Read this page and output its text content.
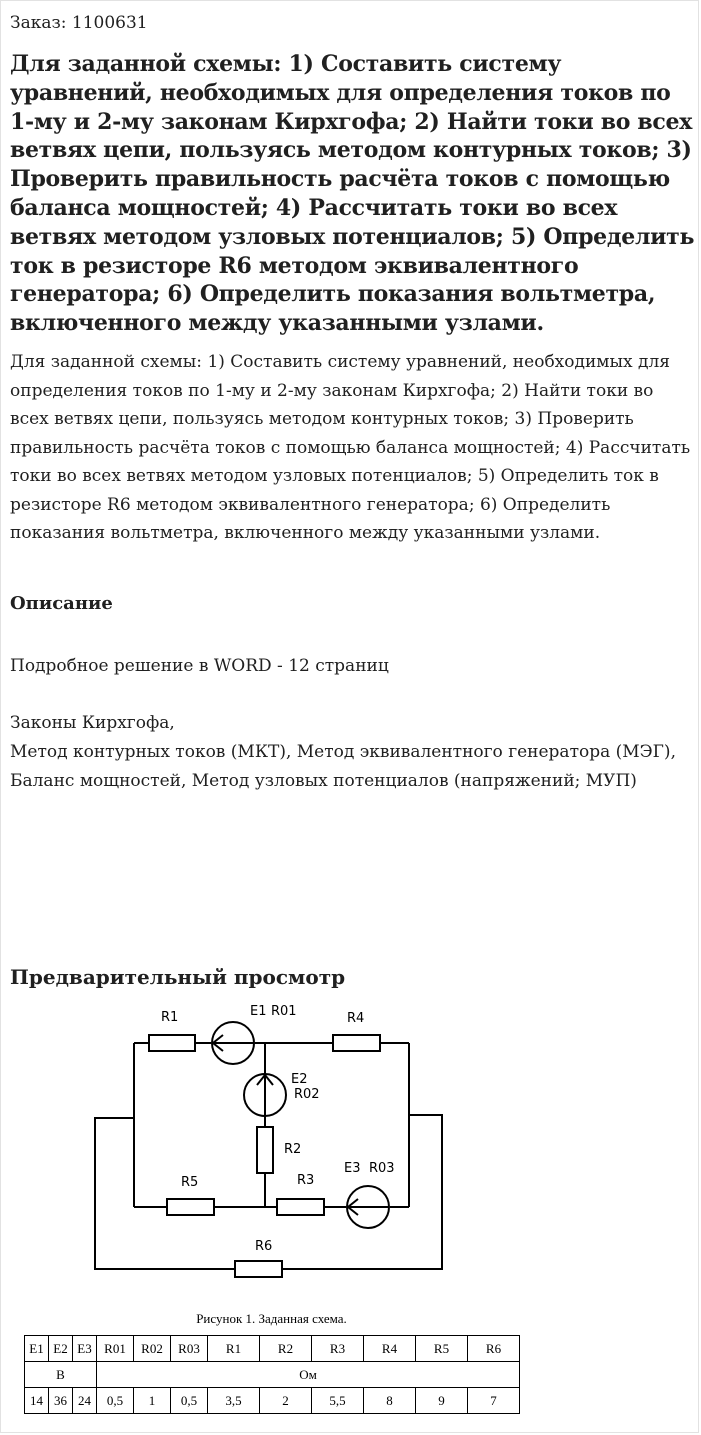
Заказ: 1100631
Для заданной схемы: 1) Составить систему уравнений, необходимых для определения токов по 1-му и 2-му законам Кирхгофа; 2) Найти токи во всех ветвях цепи, пользуясь методом контурных токов; 3) Проверить правильность расчёта токов с помощью баланса мощностей; 4) Рассчитать токи во всех ветвях методом узловых потенциалов; 5) Определить ток в резисторе R6 методом эквивалентного генератора; 6) Определить показания вольтметра, включенного между указанными узлами.

Для заданной схемы: 1) Составить систему уравнений, необходимых для определения токов по 1-му и 2-му законам Кирхгофа; 2) Найти токи во всех ветвях цепи, пользуясь методом контурных токов; 3) Проверить правильность расчёта токов с помощью баланса мощностей; 4) Рассчитать токи во всех ветвях методом узловых потенциалов; 5) Определить ток в резисторе R6 методом эквивалентного генератора; 6) Определить показания вольтметра, включенного между указанными узлами.

Описание

Подробное решение в WORD - 12 страниц

Законы Кирхгофа,

Метод контурных токов (МКТ), Метод эквивалентного генератора (МЭГ), Баланс мощностей, Метод узловых потенциалов (напряжений; МУП)

Предварительный просмотр
R1	E1 R01	R4
E2
R02
R2
R5	R3
E3 R03
R6
Рисунок 1. Заданная схема.
E1	E2	E3	R01	R02	R03	R1	R2	R3	R4	R5	R6
В			Ом								
14	36	24	0,5	1	0,5	3,5	2	5,5	8	9	7
